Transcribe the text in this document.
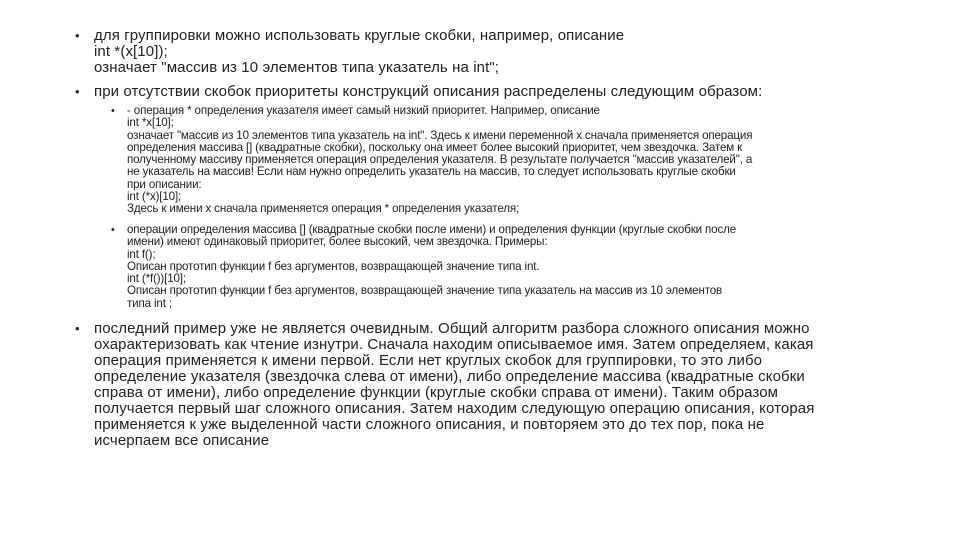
• для группировки можно использовать круглые скобки, например, описание
int *(x[10]);
означает "массив из 10 элементов типа указатель на int";
• при отсутствии скобок приоритеты конструкций описания распределены следующим образом:
• - операция * определения указателя имеет самый низкий приоритет. Например, описание
int *x[10];
означает "массив из 10 элементов типа указатель на int". Здесь к имени переменной x сначала применяется операция
определения массива [] (квадратные скобки), поскольку она имеет более высокий приоритет, чем звездочка. Затем к
полученному массиву применяется операция определения указателя. В результате получается "массив указателей", а
не указатель на массив! Если нам нужно определить указатель на массив, то следует использовать круглые скобки
при описании:
int (*x)[10];
Здесь к имени x сначала применяется операция * определения указателя;
• операции определения массива [] (квадратные скобки после имени) и определения функции (круглые скобки после
имени) имеют одинаковый приоритет, более высокий, чем звездочка. Примеры:
int f();
Описан прототип функции f без аргументов, возвращающей значение типа int.
int (*f())[10];
Описан прототип функции f без аргументов, возвращающей значение типа указатель на массив из 10 элементов
типа int ;
• последний пример уже не является очевидным. Общий алгоритм разбора сложного описания можно
охарактеризовать как чтение изнутри. Сначала находим описываемое имя. Затем определяем, какая
операция применяется к имени первой. Если нет круглых скобок для группировки, то это либо
определение указателя (звездочка слева от имени), либо определение массива (квадратные скобки
справа от имени), либо определение функции (круглые скобки справа от имени). Таким образом
получается первый шаг сложного описания. Затем находим следующую операцию описания, которая
применяется к уже выделенной части сложного описания, и повторяем это до тех пор, пока не
исчерпаем все описание
